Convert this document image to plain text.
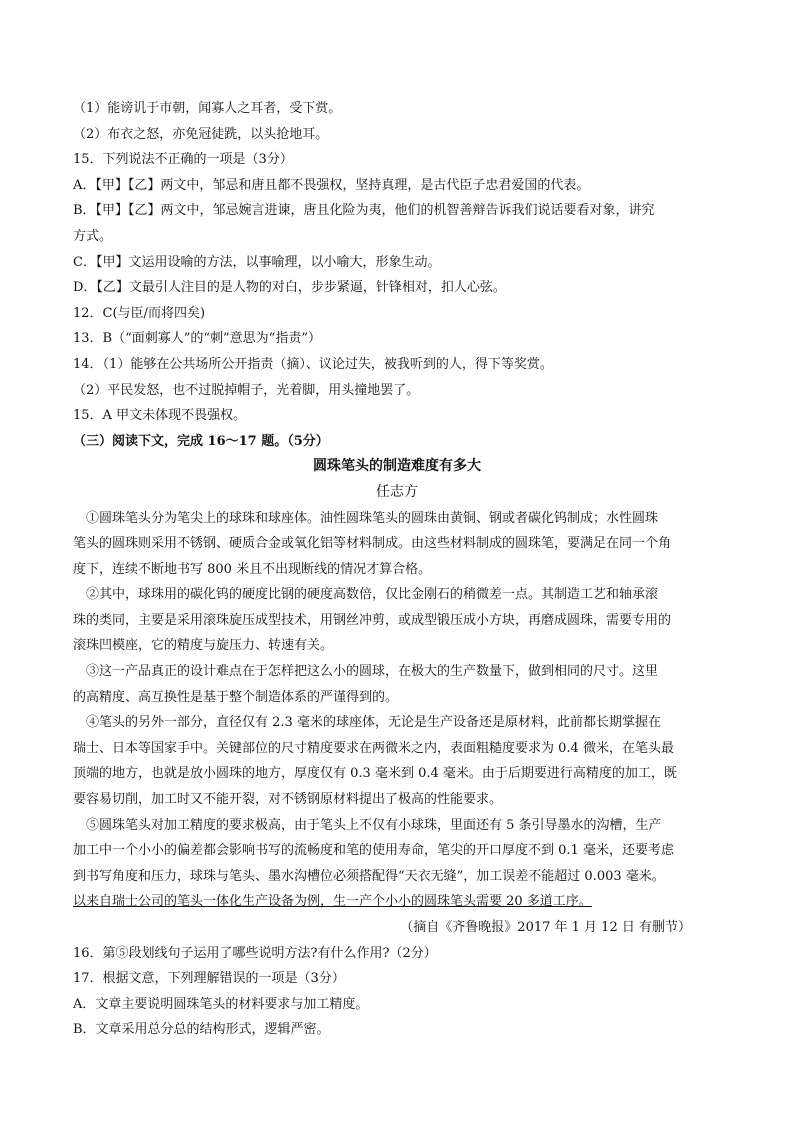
（1）能谤讥于市朝，闻寡人之耳者，受下赏。
（2）布衣之怒，亦免冠徒跣，以头抢地耳。
15．下列说法不正确的一项是（3分）
A．【甲】【乙】两文中，邹忌和唐且都不畏强权，坚持真理，是古代臣子忠君爱国的代表。
B．【甲】【乙】两文中，邹忌婉言进谏，唐且化险为夷，他们的机智善辩告诉我们说话要看对象，讲究
方式。
C．【甲】文运用设喻的方法，以事喻理，以小喻大，形象生动。
D．【乙】文最引人注目的是人物的对白，步步紧逼，针锋相对，扣人心弦。
12．C(与臣/而将四矣)
13．B（“面刺寡人”的“刺”意思为“指责”）
14．（1）能够在公共场所公开指责（摘）、议论过失，被我听到的人，得下等奖赏。
（2）平民发怒，也不过脱掉帽子，光着脚，用头撞地罢了。
15．A 甲文未体现不畏强权。
（三）阅读下文，完成 16～17 题。（5分）
圆珠笔头的制造难度有多大
任志方
①圆珠笔头分为笔尖上的球珠和球座体。油性圆珠笔头的圆珠由黄铜、钢或者碳化钨制成；水性圆珠
笔头的圆珠则采用不锈钢、硬质合金或氧化铝等材料制成。由这些材料制成的圆珠笔，要满足在同一个角
度下，连续不断地书写 800 米且不出现断线的情况才算合格。
②其中，球珠用的碳化钨的硬度比钢的硬度高数倍，仅比金刚石的稍微差一点。其制造工艺和轴承滚
珠的类同，主要是采用滚珠旋压成型技术，用钢丝冲剪，或成型锻压成小方块，再磨成圆珠，需要专用的
滚珠凹模座，它的精度与旋压力、转速有关。
③这一产品真正的设计难点在于怎样把这么小的圆球，在极大的生产数量下，做到相同的尺寸。这里
的高精度、高互换性是基于整个制造体系的严谨得到的。
④笔头的另外一部分，直径仅有 2.3 毫米的球座体，无论是生产设备还是原材料，此前都长期掌握在
瑞士、日本等国家手中。关键部位的尺寸精度要求在两微米之内，表面粗糙度要求为 0.4 微米，在笔头最
顶端的地方，也就是放小圆珠的地方，厚度仅有 0.3 毫米到 0.4 毫米。由于后期要进行高精度的加工，既
要容易切削，加工时又不能开裂，对不锈钢原材料提出了极高的性能要求。
⑤圆珠笔头对加工精度的要求极高，由于笔头上不仅有小球珠，里面还有 5 条引导墨水的沟槽，生产
加工中一个小小的偏差都会影响书写的流畅度和笔的使用寿命，笔尖的开口厚度不到 0.1 毫米，还要考虑
到书写角度和压力，球珠与笔头、墨水沟槽位必须搭配得“天衣无缝”，加工误差不能超过 0.003 毫米。
以来自瑞士公司的笔头一体化生产设备为例，生一产个小小的圆珠笔头需要 20 多道工序。
（摘自《齐鲁晚报》2017 年 1 月 12 日 有删节）
16．第⑤段划线句子运用了哪些说明方法?有什么作用?（2分）
17．根据文意，下列理解错误的一项是（3分）
A．文章主要说明圆珠笔头的材料要求与加工精度。
B．文章采用总分总的结构形式，逻辑严密。
